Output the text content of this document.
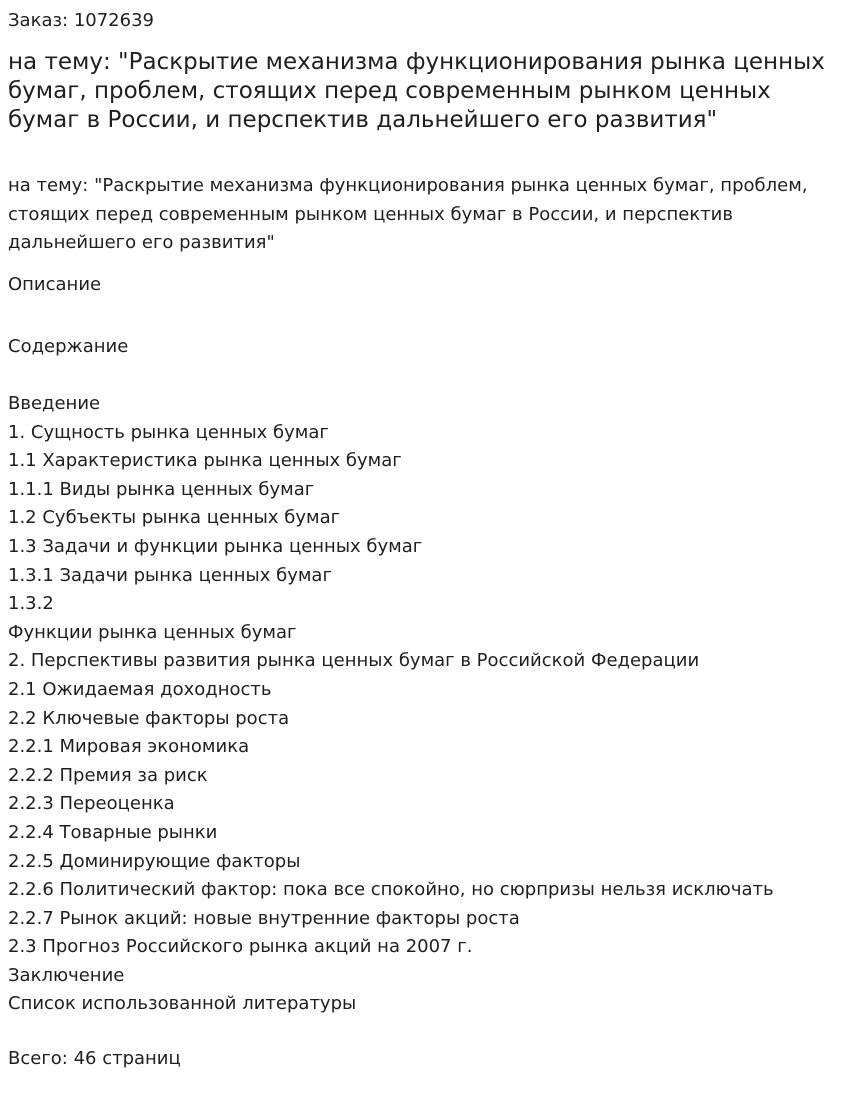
Заказ: 1072639

на тему: "Раскрытие механизма функционирования рынка ценных бумаг, проблем, стоящих перед современным рынком ценных бумаг в России, и перспектив дальнейшего его развития"

на тему: "Раскрытие механизма функционирования рынка ценных бумаг, проблем, стоящих перед современным рынком ценных бумаг в России, и перспектив дальнейшего его развития"

Описание

Содержание

Введение
1. Сущность рынка ценных бумаг
1.1 Характеристика рынка ценных бумаг
1.1.1 Виды рынка ценных бумаг
1.2 Субъекты рынка ценных бумаг
1.3 Задачи и функции рынка ценных бумаг
1.3.1 Задачи рынка ценных бумаг
1.3.2
Функции рынка ценных бумаг
2. Перспективы развития рынка ценных бумаг в Российской Федерации
2.1 Ожидаемая доходность
2.2 Ключевые факторы роста
2.2.1 Мировая экономика
2.2.2 Премия за риск
2.2.3 Переоценка
2.2.4 Товарные рынки
2.2.5 Доминирующие факторы
2.2.6 Политический фактор: пока все спокойно, но сюрпризы нельзя исключать
2.2.7 Рынок акций: новые внутренние факторы роста
2.3 Прогноз Российского рынка акций на 2007 г.
Заключение
Список использованной литературы

Всего: 46 страниц
